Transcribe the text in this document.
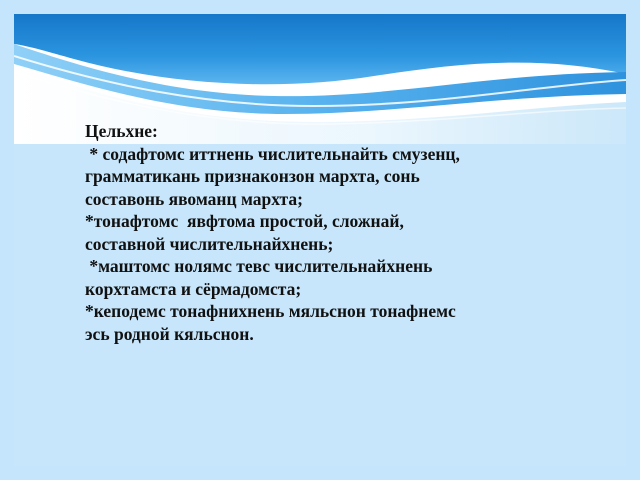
Цельхне:
* содафтомс иттнень числительнайть смузенц,
грамматикань признаконзон мархта, сонь
составонь явоманц мархта;
*тонафтомс  явфтома простой, сложнай,
составной числительнайхнень;
*маштомс нолямс тевс числительнайхнень
корхтамста и сёрмадомста;
*кеподемс тонафнихнень мяльснон тонафнемс
эсь родной кяльснон.
